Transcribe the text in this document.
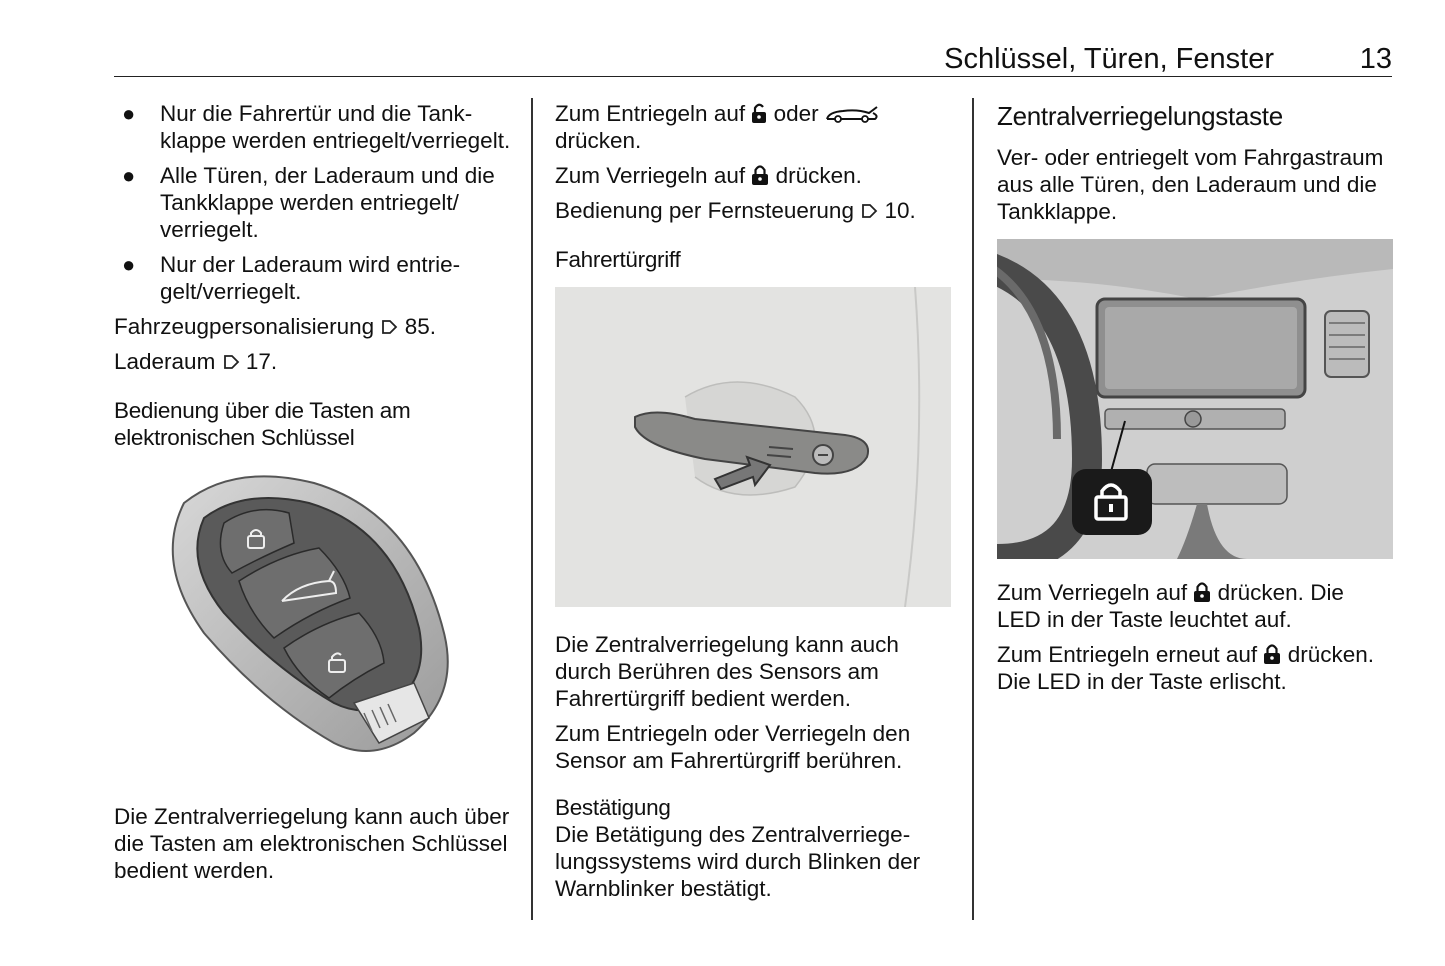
Schlüssel, Türen, Fenster	13
● Nur die Fahrertür und die Tankklappe werden entriegelt/verriegelt.
● Alle Türen, der Laderaum und die Tankklappe werden entriegelt/ verriegelt.
● Nur der Laderaum wird entriegelt/verriegelt.

Fahrzeugpersonalisierung 85.

Laderaum 17.

Bedienung über die Tasten am elektronischen Schlüssel

Die Zentralverriegelung kann auch über die Tasten am elektronischen Schlüssel bedient werden.

Zum Entriegeln auf oder
drücken.

Zum Verriegeln auf drücken.

Bedienung per Fernsteuerung 10.

Fahrertürgriff

Die Zentralverriegelung kann auch durch Berühren des Sensors am Fahrertürgriff bedient werden.

Zum Entriegeln oder Verriegeln den Sensor am Fahrertürgriff berühren.

Bestätigung

Die Betätigung des Zentralverriegelungssystems wird durch Blinken der Warnblinker bestätigt.

Zentralverriegelungstaste

Ver- oder entriegelt vom Fahrgastraum aus alle Türen, den Laderaum und die Tankklappe.

Zum Verriegeln auf drücken. Die LED in der Taste leuchtet auf.

Zum Entriegeln erneut auf drücken. Die LED in der Taste erlischt.
